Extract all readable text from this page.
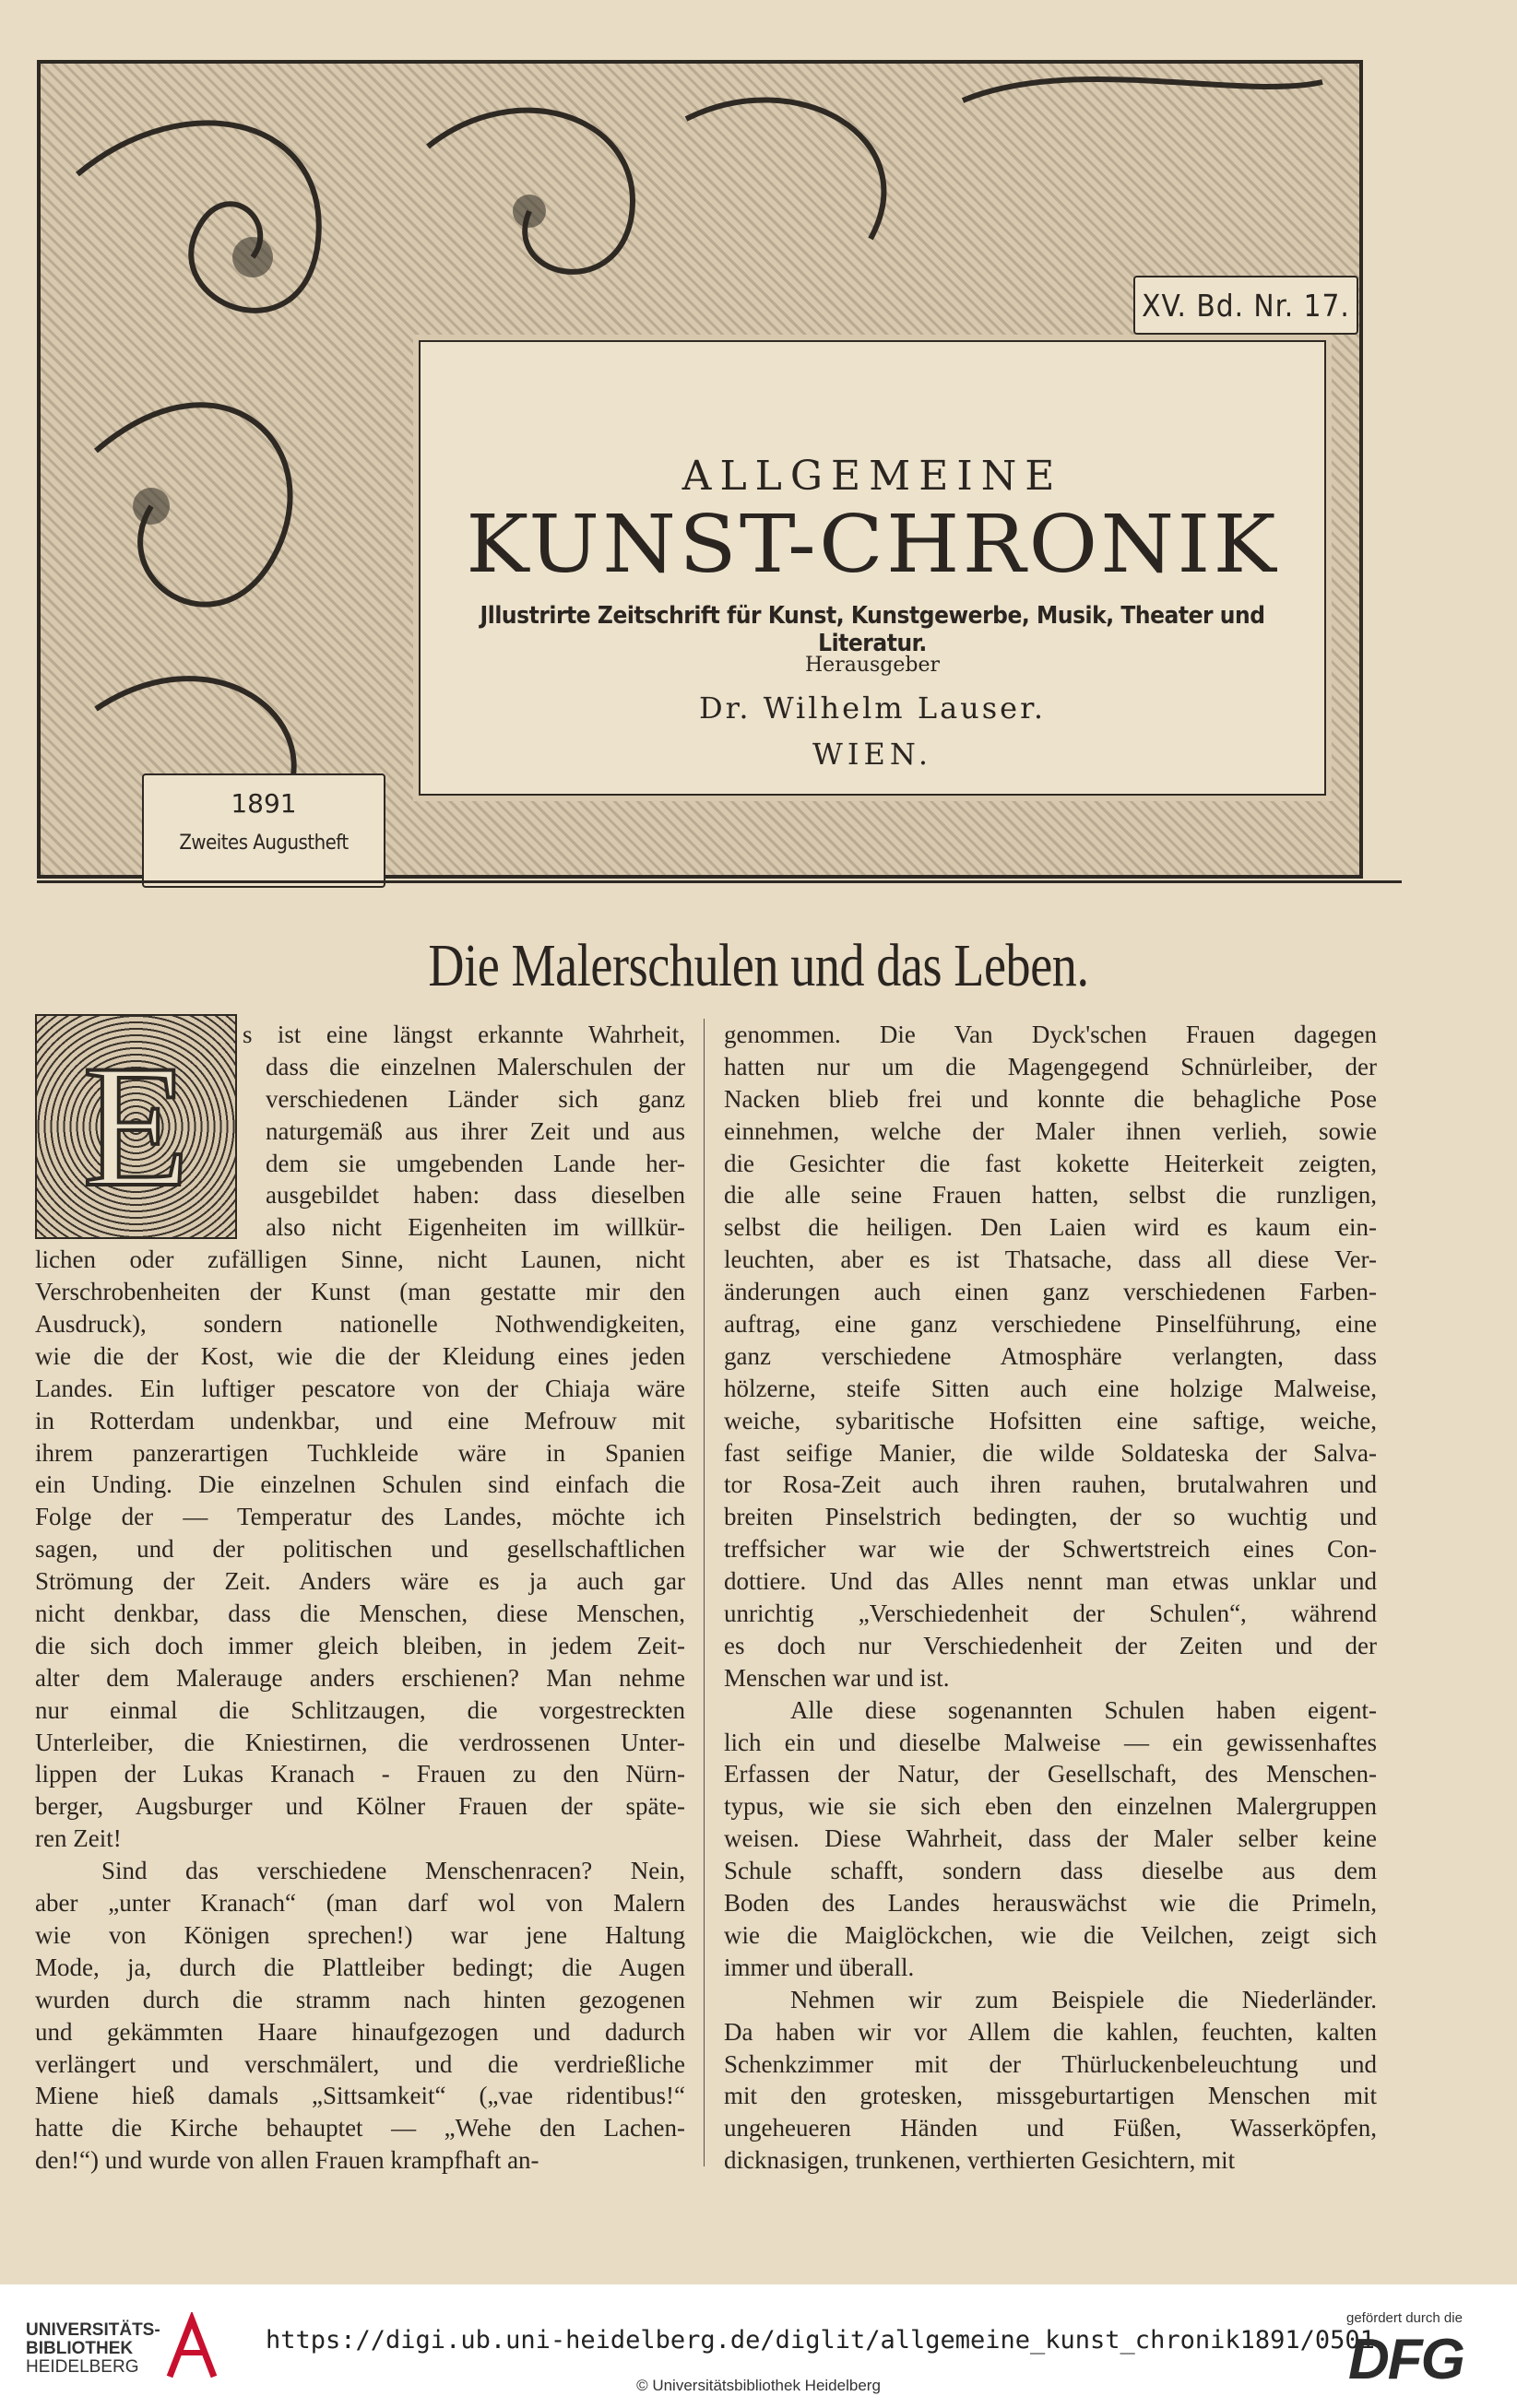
XV. Bd. Nr. 17.
ALLGEMEINE
KUNST-CHRONIK
Jllustrirte Zeitschrift für Kunst, Kunstgewerbe, Musik, Theater und Literatur.
Herausgeber
Dr. Wilhelm Lauser.
WIEN.
1891
Zweites Augustheft
Die Malerschulen und das Leben.
E s ist eine längst erkannte Wahrheit,
dass die einzelnen Malerschulen der
verschiedenen Länder sich ganz
naturgemäß aus ihrer Zeit und aus
dem sie umgebenden Lande her-
ausgebildet haben: dass dieselben
also nicht Eigenheiten im willkür-
lichen oder zufälligen Sinne, nicht Launen, nicht
Verschrobenheiten der Kunst (man gestatte mir den
Ausdruck), sondern nationelle Nothwendigkeiten,
wie die der Kost, wie die der Kleidung eines jeden
Landes. Ein luftiger pescatore von der Chiaja wäre
in Rotterdam undenkbar, und eine Mefrouw mit
ihrem panzerartigen Tuchkleide wäre in Spanien
ein Unding. Die einzelnen Schulen sind einfach die
Folge der — Temperatur des Landes, möchte ich
sagen, und der politischen und gesellschaftlichen
Strömung der Zeit. Anders wäre es ja auch gar
nicht denkbar, dass die Menschen, diese Menschen,
die sich doch immer gleich bleiben, in jedem Zeit-
alter dem Malerauge anders erschienen? Man nehme
nur einmal die Schlitzaugen, die vorgestreckten
Unterleiber, die Kniestirnen, die verdrossenen Unter-
lippen der Lukas Kranach - Frauen zu den Nürn-
berger, Augsburger und Kölner Frauen der späte-
ren Zeit!
Sind das verschiedene Menschenracen? Nein,
aber „unter Kranach“ (man darf wol von Malern
wie von Königen sprechen!) war jene Haltung
Mode, ja, durch die Plattleiber bedingt; die Augen
wurden durch die stramm nach hinten gezogenen
und gekämmten Haare hinaufgezogen und dadurch
verlängert und verschmälert, und die verdrießliche
Miene hieß damals „Sittsamkeit“ („vae ridentibus!“
hatte die Kirche behauptet — „Wehe den Lachen-
den!“) und wurde von allen Frauen krampfhaft an-
genommen. Die Van Dyck'schen Frauen dagegen
hatten nur um die Magengegend Schnürleiber, der
Nacken blieb frei und konnte die behagliche Pose
einnehmen, welche der Maler ihnen verlieh, sowie
die Gesichter die fast kokette Heiterkeit zeigten,
die alle seine Frauen hatten, selbst die runzligen,
selbst die heiligen. Den Laien wird es kaum ein-
leuchten, aber es ist Thatsache, dass all diese Ver-
änderungen auch einen ganz verschiedenen Farben-
auftrag, eine ganz verschiedene Pinselführung, eine
ganz verschiedene Atmosphäre verlangten, dass
hölzerne, steife Sitten auch eine holzige Malweise,
weiche, sybaritische Hofsitten eine saftige, weiche,
fast seifige Manier, die wilde Soldateska der Salva-
tor Rosa-Zeit auch ihren rauhen, brutalwahren und
breiten Pinselstrich bedingten, der so wuchtig und
treffsicher war wie der Schwertstreich eines Con-
dottiere. Und das Alles nennt man etwas unklar und
unrichtig „Verschiedenheit der Schulen“, während
es doch nur Verschiedenheit der Zeiten und der
Menschen war und ist.
Alle diese sogenannten Schulen haben eigent-
lich ein und dieselbe Malweise — ein gewissenhaftes
Erfassen der Natur, der Gesellschaft, des Menschen-
typus, wie sie sich eben den einzelnen Malergruppen
weisen. Diese Wahrheit, dass der Maler selber keine
Schule schafft, sondern dass dieselbe aus dem
Boden des Landes herauswächst wie die Primeln,
wie die Maiglöckchen, wie die Veilchen, zeigt sich
immer und überall.
Nehmen wir zum Beispiele die Niederländer.
Da haben wir vor Allem die kahlen, feuchten, kalten
Schenkzimmer mit der Thürluckenbeleuchtung und
mit den grotesken, missgeburtartigen Menschen mit
ungeheueren Händen und Füßen, Wasserköpfen,
dicknasigen, trunkenen, verthierten Gesichtern, mit
UNIVERSITÄTS-
BIBLIOTHEK
HEIDELBERG
https://digi.ub.uni-heidelberg.de/diglit/allgemeine_kunst_chronik1891/0501
© Universitätsbibliothek Heidelberg
gefördert durch die
DFG
